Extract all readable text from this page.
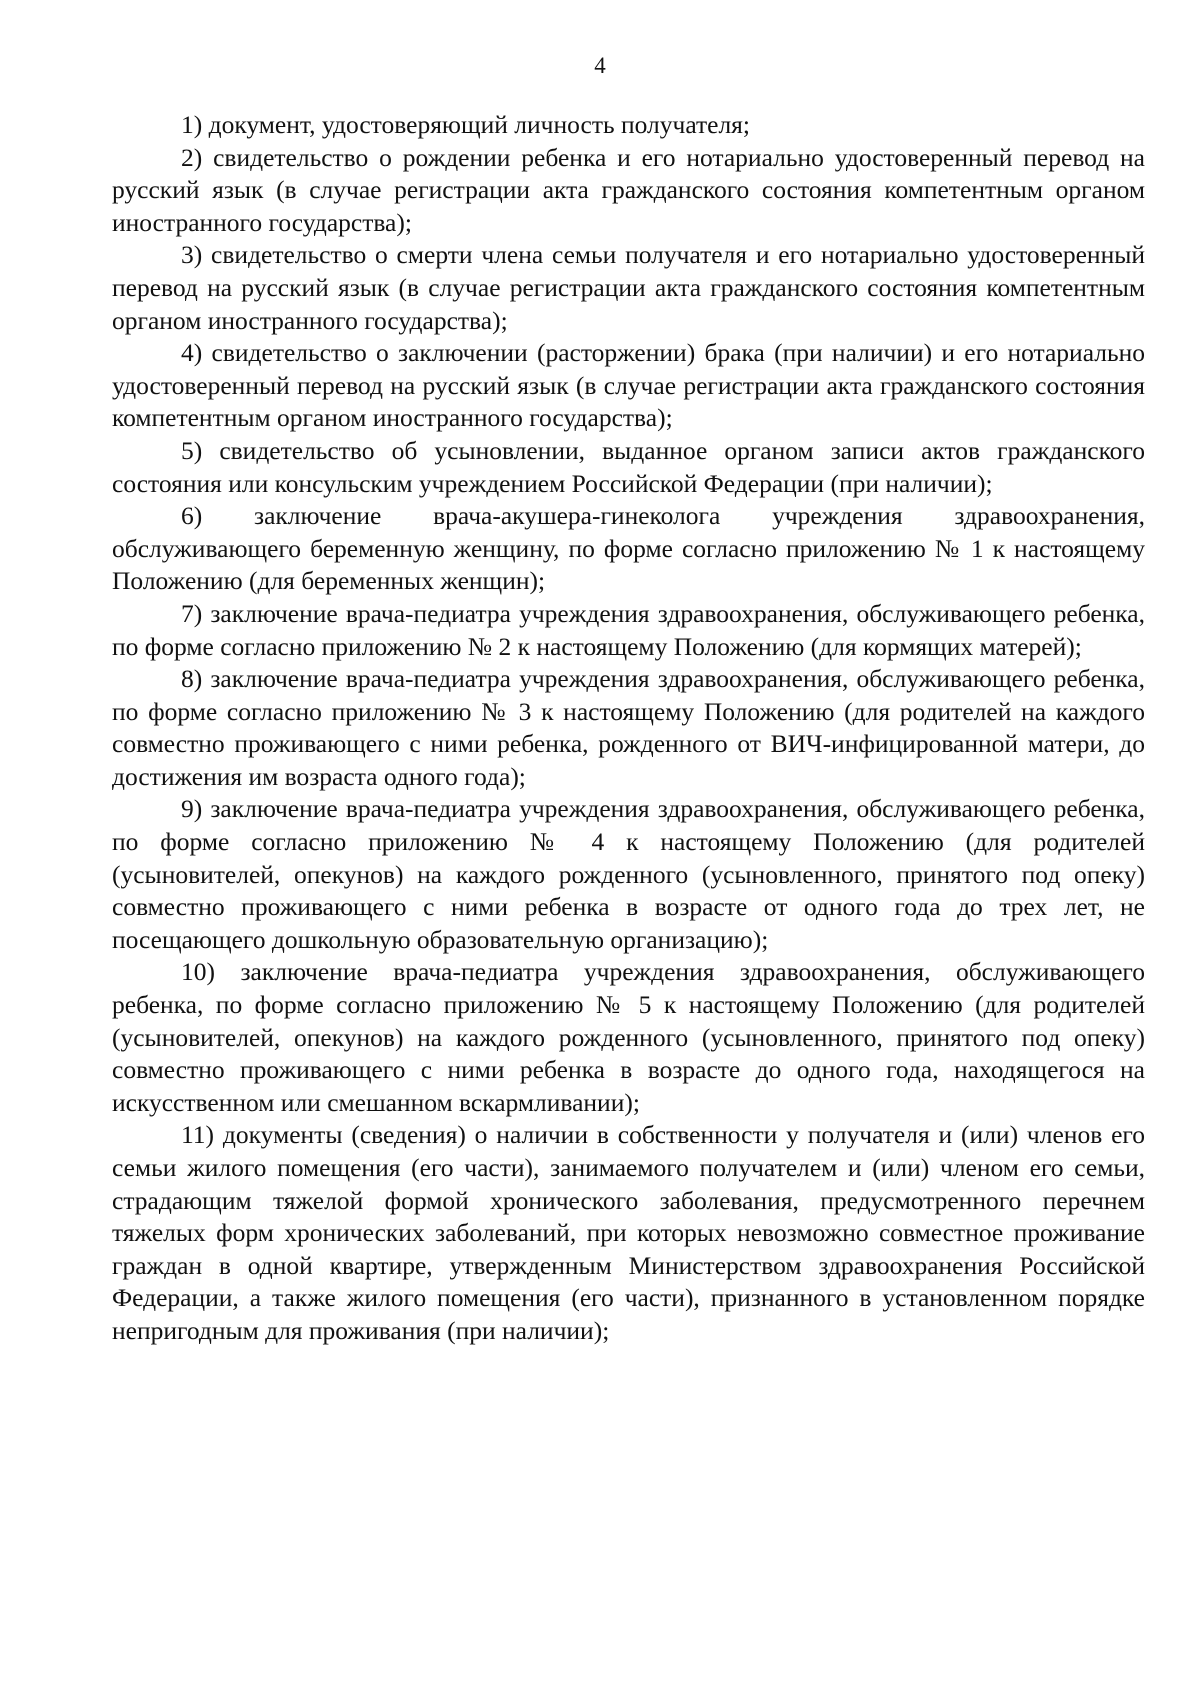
4

1) документ, удостоверяющий личность получателя;

2) свидетельство о рождении ребенка и его нотариально удостоверенный перевод на русский язык (в случае регистрации акта гражданского состояния компетентным органом иностранного государства);

3) свидетельство о смерти члена семьи получателя и его нотариально удостоверенный перевод на русский язык (в случае регистрации акта гражданского состояния компетентным органом иностранного государства);

4) свидетельство о заключении (расторжении) брака (при наличии) и его нотариально удостоверенный перевод на русский язык (в случае регистрации акта гражданского состояния компетентным органом иностранного государства);

5) свидетельство об усыновлении, выданное органом записи актов гражданского состояния или консульским учреждением Российской Федерации (при наличии);

6) заключение врача-акушера-гинеколога учреждения здравоохранения, обслуживающего беременную женщину, по форме согласно приложению № 1 к настоящему Положению (для беременных женщин);

7) заключение врача-педиатра учреждения здравоохранения, обслуживающего ребенка, по форме согласно приложению № 2 к настоящему Положению (для кормящих матерей);

8) заключение врача-педиатра учреждения здравоохранения, обслуживающего ребенка, по форме согласно приложению № 3 к настоящему Положению (для родителей на каждого совместно проживающего с ними ребенка, рожденного от ВИЧ-инфицированной матери, до достижения им возраста одного года);

9) заключение врача-педиатра учреждения здравоохранения, обслуживающего ребенка, по форме согласно приложению № 4 к настоящему Положению (для родителей (усыновителей, опекунов) на каждого рожденного (усыновленного, принятого под опеку) совместно проживающего с ними ребенка в возрасте от одного года до трех лет, не посещающего дошкольную образовательную организацию);

10) заключение врача-педиатра учреждения здравоохранения, обслуживающего ребенка, по форме согласно приложению № 5 к настоящему Положению (для родителей (усыновителей, опекунов) на каждого рожденного (усыновленного, принятого под опеку) совместно проживающего с ними ребенка в возрасте до одного года, находящегося на искусственном или смешанном вскармливании);

11) документы (сведения) о наличии в собственности у получателя и (или) членов его семьи жилого помещения (его части), занимаемого получателем и (или) членом его семьи, страдающим тяжелой формой хронического заболевания, предусмотренного перечнем тяжелых форм хронических заболеваний, при которых невозможно совместное проживание граждан в одной квартире, утвержденным Министерством здравоохранения Российской Федерации, а также жилого помещения (его части), признанного в установленном порядке непригодным для проживания (при наличии);
